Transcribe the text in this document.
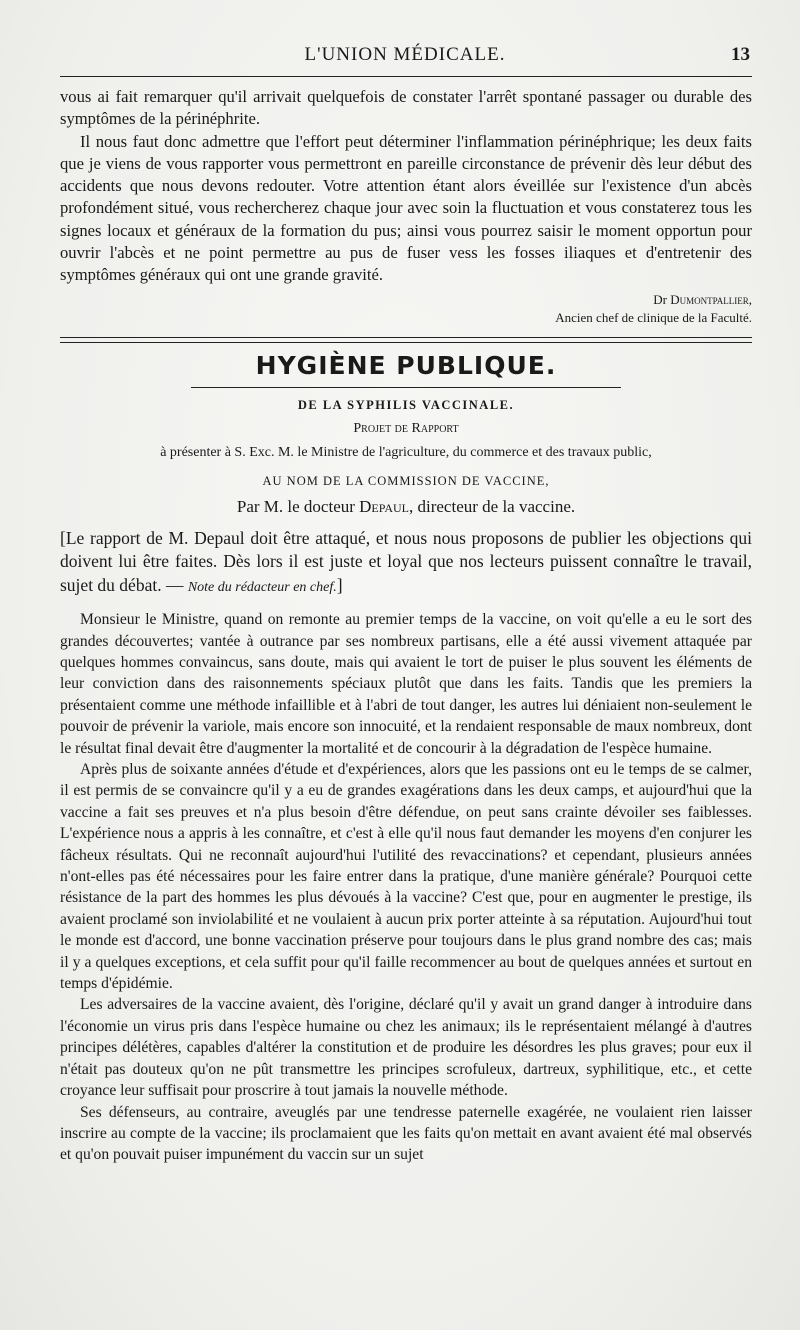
L'UNION MÉDICALE.	13

vous ai fait remarquer qu'il arrivait quelquefois de constater l'arrêt spontané passager ou durable des symptômes de la périnéphrite.

Il nous faut donc admettre que l'effort peut déterminer l'inflammation périnéphrique; les deux faits que je viens de vous rapporter vous permettront en pareille circonstance de prévenir dès leur début des accidents que nous devons redouter. Votre attention étant alors éveillée sur l'existence d'un abcès profondément situé, vous rechercherez chaque jour avec soin la fluctuation et vous constaterez tous les signes locaux et généraux de la formation du pus; ainsi vous pourrez saisir le moment opportun pour ouvrir l'abcès et ne point permettre au pus de fuser vess les fosses iliaques et d'entretenir des symptômes généraux qui ont une grande gravité.

Dr Dumontpallier,
Ancien chef de clinique de la Faculté.
HYGIÈNE PUBLIQUE.
DE LA SYPHILIS VACCINALE.
Projet de Rapport
à présenter à S. Exc. M. le Ministre de l'agriculture, du commerce et des travaux public,
AU NOM DE LA COMMISSION DE VACCINE,
Par M. le docteur Depaul, directeur de la vaccine.
[Le rapport de M. Depaul doit être attaqué, et nous nous proposons de publier les objections qui doivent lui être faites. Dès lors il est juste et loyal que nos lecteurs puissent connaître le travail, sujet du débat. — Note du rédacteur en chef.]

Monsieur le Ministre, quand on remonte au premier temps de la vaccine, on voit qu'elle a eu le sort des grandes découvertes; vantée à outrance par ses nombreux partisans, elle a été aussi vivement attaquée par quelques hommes convaincus, sans doute, mais qui avaient le tort de puiser le plus souvent les éléments de leur conviction dans des raisonnements spéciaux plutôt que dans les faits. Tandis que les premiers la présentaient comme une méthode infaillible et à l'abri de tout danger, les autres lui déniaient non-seulement le pouvoir de prévenir la variole, mais encore son innocuité, et la rendaient responsable de maux nombreux, dont le résultat final devait être d'augmenter la mortalité et de concourir à la dégradation de l'espèce humaine.

Après plus de soixante années d'étude et d'expériences, alors que les passions ont eu le temps de se calmer, il est permis de se convaincre qu'il y a eu de grandes exagérations dans les deux camps, et aujourd'hui que la vaccine a fait ses preuves et n'a plus besoin d'être défendue, on peut sans crainte dévoiler ses faiblesses. L'expérience nous a appris à les connaître, et c'est à elle qu'il nous faut demander les moyens d'en conjurer les fâcheux résultats. Qui ne reconnaît aujourd'hui l'utilité des revaccinations? et cependant, plusieurs années n'ont-elles pas été nécessaires pour les faire entrer dans la pratique, d'une manière générale? Pourquoi cette résistance de la part des hommes les plus dévoués à la vaccine? C'est que, pour en augmenter le prestige, ils avaient proclamé son inviolabilité et ne voulaient à aucun prix porter atteinte à sa réputation. Aujourd'hui tout le monde est d'accord, une bonne vaccination préserve pour toujours dans le plus grand nombre des cas; mais il y a quelques exceptions, et cela suffit pour qu'il faille recommencer au bout de quelques années et surtout en temps d'épidémie.

Les adversaires de la vaccine avaient, dès l'origine, déclaré qu'il y avait un grand danger à introduire dans l'économie un virus pris dans l'espèce humaine ou chez les animaux; ils le représentaient mélangé à d'autres principes délétères, capables d'altérer la constitution et de produire les désordres les plus graves; pour eux il n'était pas douteux qu'on ne pût transmettre les principes scrofuleux, dartreux, syphilitique, etc., et cette croyance leur suffisait pour proscrire à tout jamais la nouvelle méthode.

Ses défenseurs, au contraire, aveuglés par une tendresse paternelle exagérée, ne voulaient rien laisser inscrire au compte de la vaccine; ils proclamaient que les faits qu'on mettait en avant avaient été mal observés et qu'on pouvait puiser impunément du vaccin sur un sujet
